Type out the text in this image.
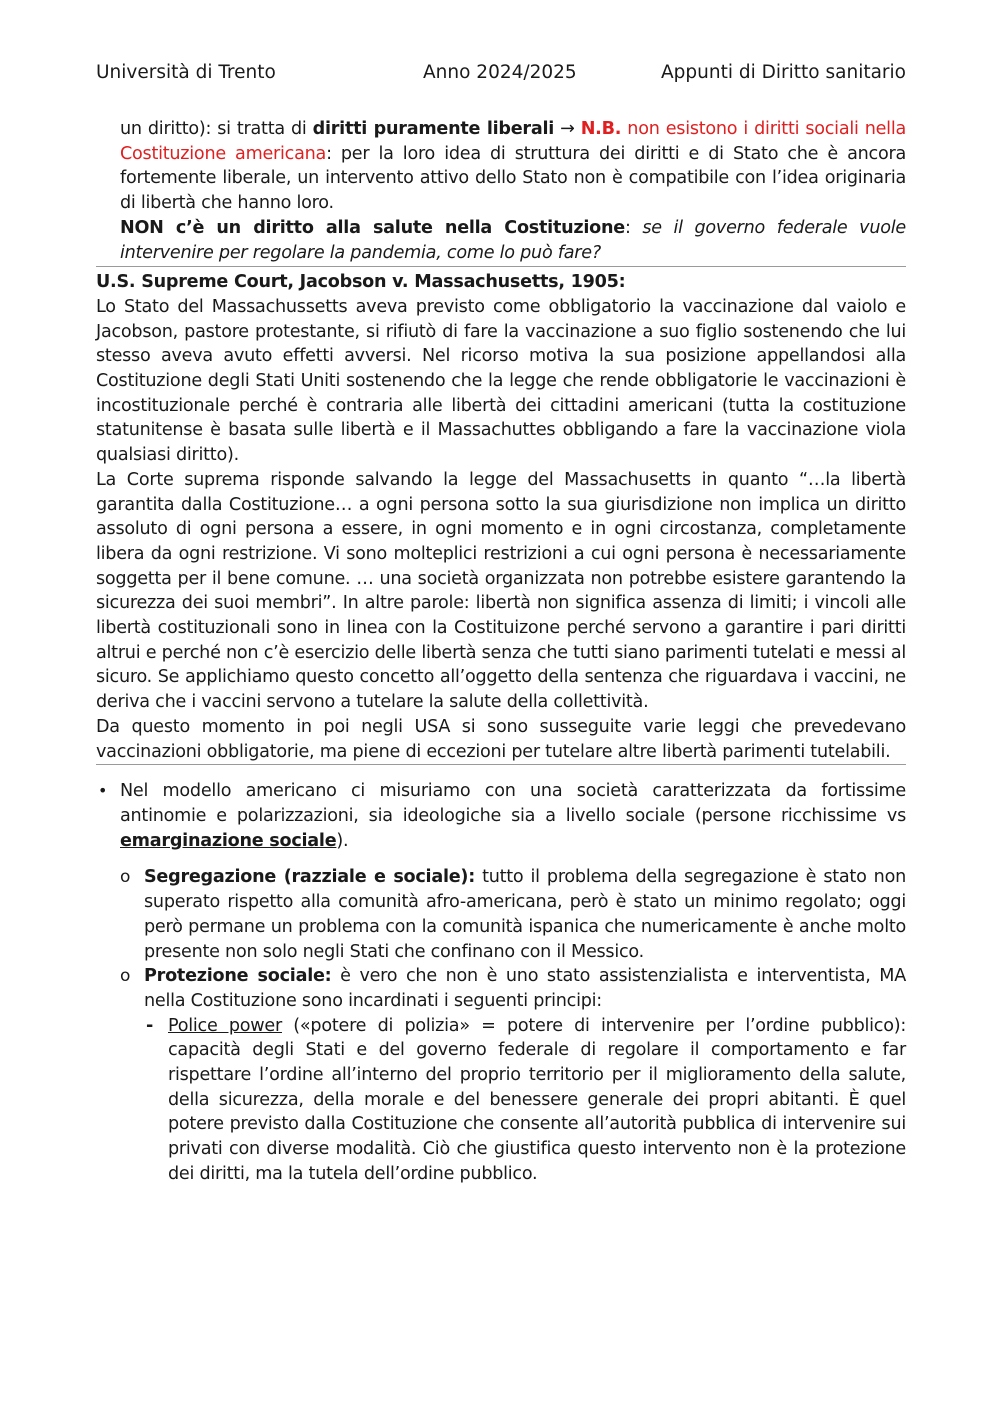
Università di Trento	Anno 2024/2025	Appunti di Diritto sanitario

un diritto): si tratta di diritti puramente liberali → N.B. non esistono i diritti sociali nella Costituzione americana: per la loro idea di struttura dei diritti e di Stato che è ancora fortemente liberale, un intervento attivo dello Stato non è compatibile con l’idea originaria di libertà che hanno loro.

NON c’è un diritto alla salute nella Costituzione: se il governo federale vuole intervenire per regolare la pandemia, come lo può fare?

U.S. Supreme Court, Jacobson v. Massachusetts, 1905:

Lo Stato del Massachussetts aveva previsto come obbligatorio la vaccinazione dal vaiolo e Jacobson, pastore protestante, si rifiutò di fare la vaccinazione a suo figlio sostenendo che lui stesso aveva avuto effetti avversi. Nel ricorso motiva la sua posizione appellandosi alla Costituzione degli Stati Uniti sostenendo che la legge che rende obbligatorie le vaccinazioni è incostituzionale perché è contraria alle libertà dei cittadini americani (tutta la costituzione statunitense è basata sulle libertà e il Massachuttes obbligando a fare la vaccinazione viola qualsiasi diritto).

La Corte suprema risponde salvando la legge del Massachusetts in quanto “…la libertà garantita dalla Costituzione… a ogni persona sotto la sua giurisdizione non implica un diritto assoluto di ogni persona a essere, in ogni momento e in ogni circostanza, completamente libera da ogni restrizione. Vi sono molteplici restrizioni a cui ogni persona è necessariamente soggetta per il bene comune. … una società organizzata non potrebbe esistere garantendo la sicurezza dei suoi membri”. In altre parole: libertà non significa assenza di limiti; i vincoli alle libertà costituzionali sono in linea con la Costituizone perché servono a garantire i pari diritti altrui e perché non c’è esercizio delle libertà senza che tutti siano parimenti tutelati e messi al sicuro. Se applichiamo questo concetto all’oggetto della sentenza che riguardava i vaccini, ne deriva che i vaccini servono a tutelare la salute della collettività.

Da questo momento in poi negli USA si sono susseguite varie leggi che prevedevano vaccinazioni obbligatorie, ma piene di eccezioni per tutelare altre libertà parimenti tutelabili.

• Nel modello americano ci misuriamo con una società caratterizzata da fortissime antinomie e polarizzazioni, sia ideologiche sia a livello sociale (persone ricchissime vs emarginazione sociale).

o Segregazione (razziale e sociale): tutto il problema della segregazione è stato non superato rispetto alla comunità afro-americana, però è stato un minimo regolato; oggi però permane un problema con la comunità ispanica che numericamente è anche molto presente non solo negli Stati che confinano con il Messico.

o Protezione sociale: è vero che non è uno stato assistenzialista e interventista, MA nella Costituzione sono incardinati i seguenti principi:

- Police power («potere di polizia» = potere di intervenire per l’ordine pubblico): capacità degli Stati e del governo federale di regolare il comportamento e far rispettare l’ordine all’interno del proprio territorio per il miglioramento della salute, della sicurezza, della morale e del benessere generale dei propri abitanti. È quel potere previsto dalla Costituzione che consente all’autorità pubblica di intervenire sui privati con diverse modalità. Ciò che giustifica questo intervento non è la protezione dei diritti, ma la tutela dell’ordine pubblico.
